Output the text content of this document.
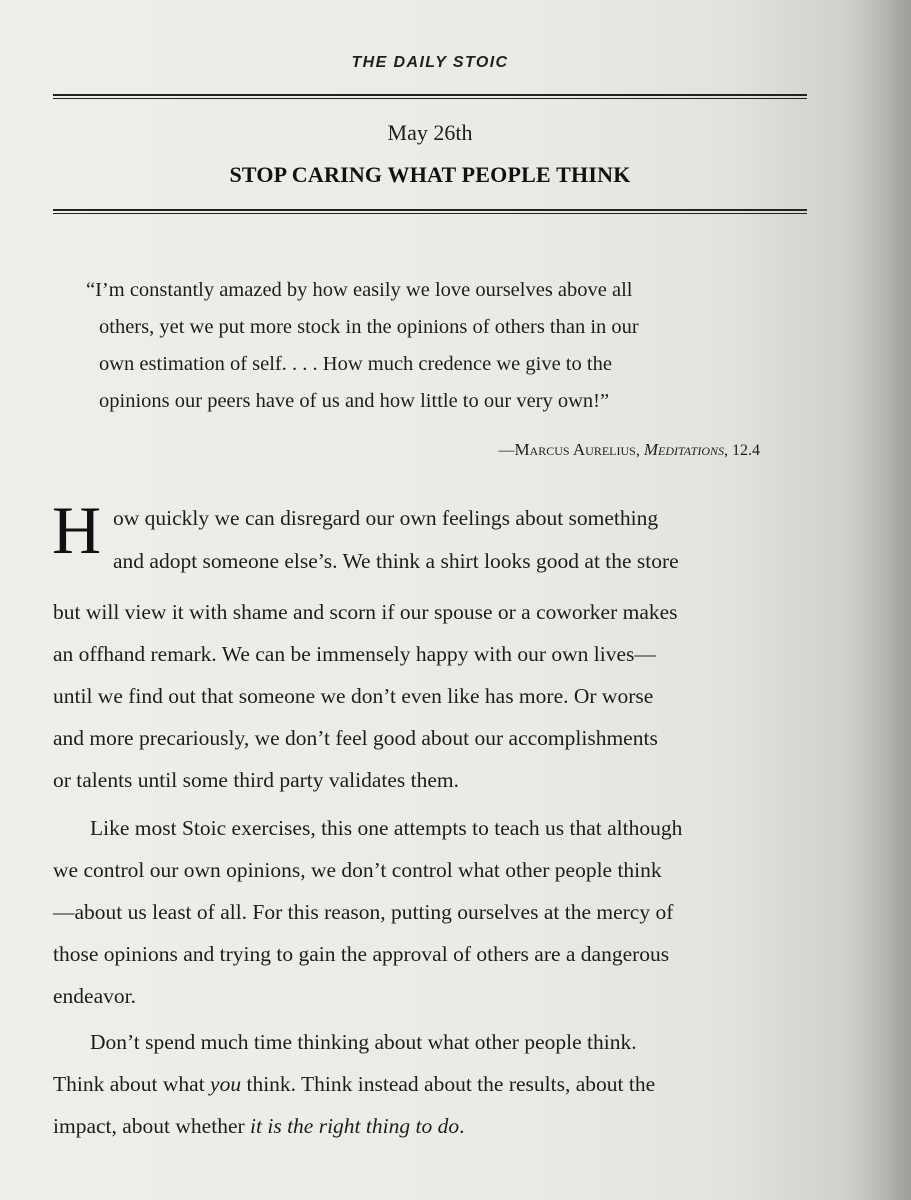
THE DAILY STOIC
May 26th
STOP CARING WHAT PEOPLE THINK
“I’m constantly amazed by how easily we love ourselves above all
others, yet we put more stock in the opinions of others than in our
own estimation of self. . . . How much credence we give to the
opinions our peers have of us and how little to our very own!”
—Marcus Aurelius, Meditations, 12.4
H ow quickly we can disregard our own feelings about something
and adopt someone else’s. We think a shirt looks good at the store
but will view it with shame and scorn if our spouse or a coworker makes
an offhand remark. We can be immensely happy with our own lives—
until we find out that someone we don’t even like has more. Or worse
and more precariously, we don’t feel good about our accomplishments
or talents until some third party validates them.
Like most Stoic exercises, this one attempts to teach us that although
we control our own opinions, we don’t control what other people think
—about us least of all. For this reason, putting ourselves at the mercy of
those opinions and trying to gain the approval of others are a dangerous
endeavor.
Don’t spend much time thinking about what other people think.
Think about what you think. Think instead about the results, about the
impact, about whether it is the right thing to do.
